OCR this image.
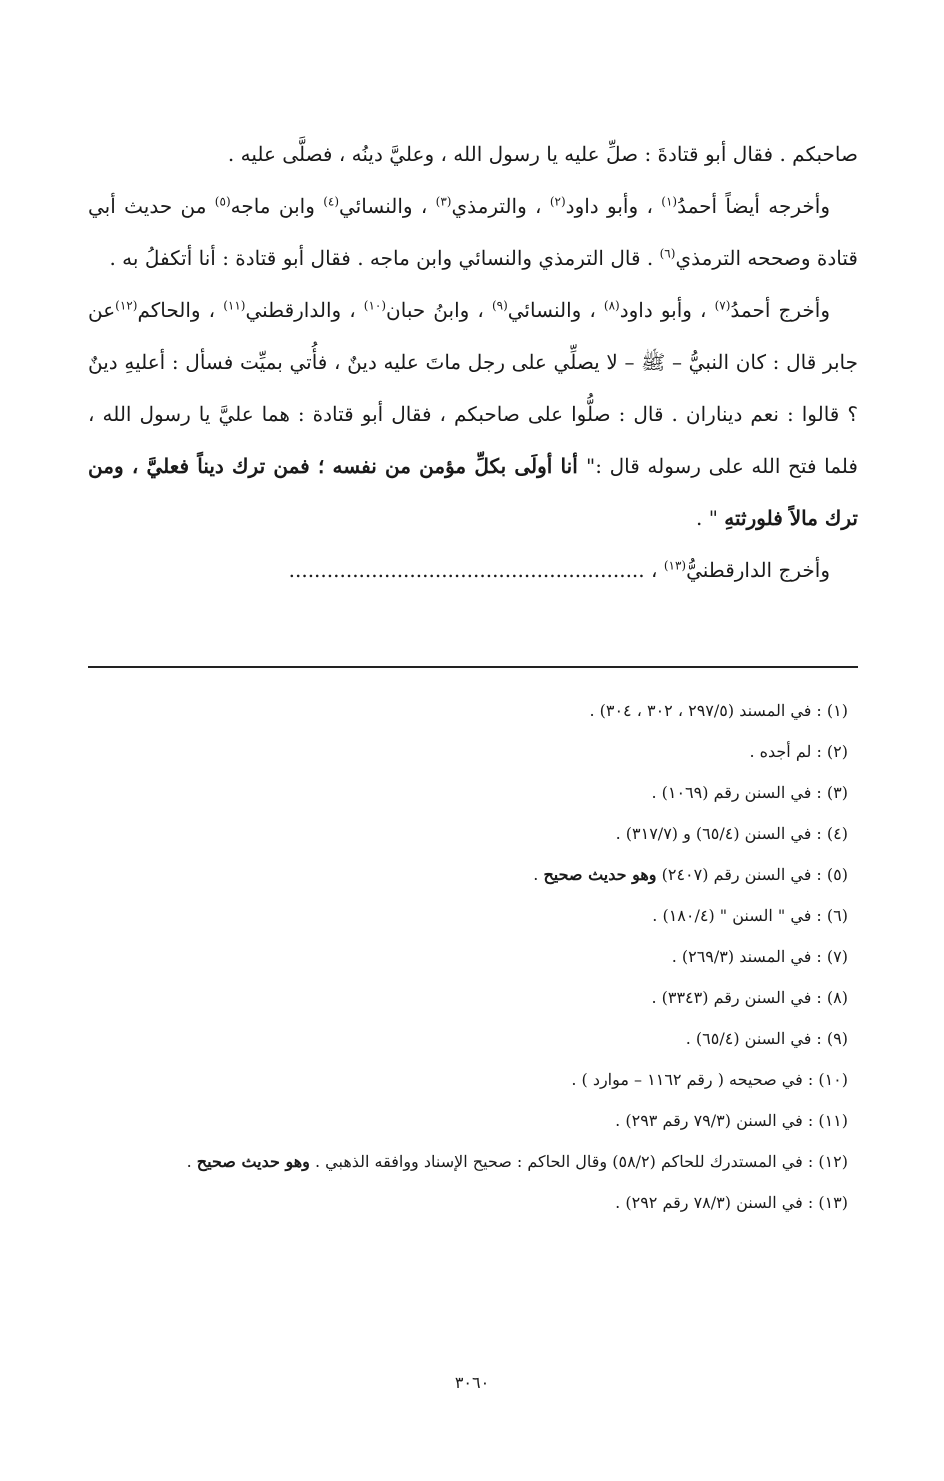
صاحبكم . فقال أبو قتادةَ : صلِّ عليه يا رسول الله ، وعليَّ دينُه ، فصلَّى عليه .

وأخرجه أيضاً أحمدُ$^{(١)}$ ، وأبو داود$^{(٢)}$ ، والترمذي$^{(٣)}$ ، والنسائي$^{(٤)}$ وابن ماجه$^{(٥)}$ من حديث أبي قتادة وصححه الترمذي$^{(٦)}$ . قال الترمذي والنسائي وابن ماجه . فقال أبو قتادة : أنا أتكفلُ به .

وأخرج أحمدُ$^{(٧)}$ ، وأبو داود$^{(٨)}$ ، والنسائي$^{(٩)}$ ، وابنُ حبان$^{(١٠)}$ ، والدارقطني$^{(١١)}$ ، والحاكم$^{(١٢)}$عن جابر قال : كان النبيُّ – ﷺ – لا يصلِّي على رجل ماتَ عليه دينٌ ، فأُتي بميِّت فسأل : أعليهِ دينٌ ؟ قالوا : نعم ديناران . قال : صلُّوا على صاحبكم ، فقال أبو قتادة : هما عليَّ يا رسول الله ، فلما فتح الله على رسوله قال :" أنا أولَى بكلِّ مؤمن من نفسه ؛ فمن ترك ديناً فعليَّ ، ومن ترك مالاً فلورثتهِ " .

وأخرج الدارقطنيُّ$^{(١٣)}$ ، ........................................................

(١) : في المسند (٢٩٧/٥ ، ٣٠٢ ، ٣٠٤) .

(٢) : لم أجده .

(٣) : في السنن رقم (١٠٦٩) .

(٤) : في السنن (٦٥/٤) و (٣١٧/٧) .

(٥) : في السنن رقم (٢٤٠٧) وهو حديث صحيح .

(٦) : في " السنن " (١٨٠/٤) .

(٧) : في المسند (٢٦٩/٣) .

(٨) : في السنن رقم (٣٣٤٣) .

(٩) : في السنن (٦٥/٤) .

(١٠) : في صحيحه ( رقم ١١٦٢ – موارد ) .

(١١) : في السنن (٧٩/٣ رقم ٢٩٣) .

(١٢) : في المستدرك للحاكم (٥٨/٢) وقال الحاكم : صحيح الإسناد ووافقه الذهبي . وهو حديث صحيح .

(١٣) : في السنن (٧٨/٣ رقم ٢٩٢) .

٣٠٦٠
